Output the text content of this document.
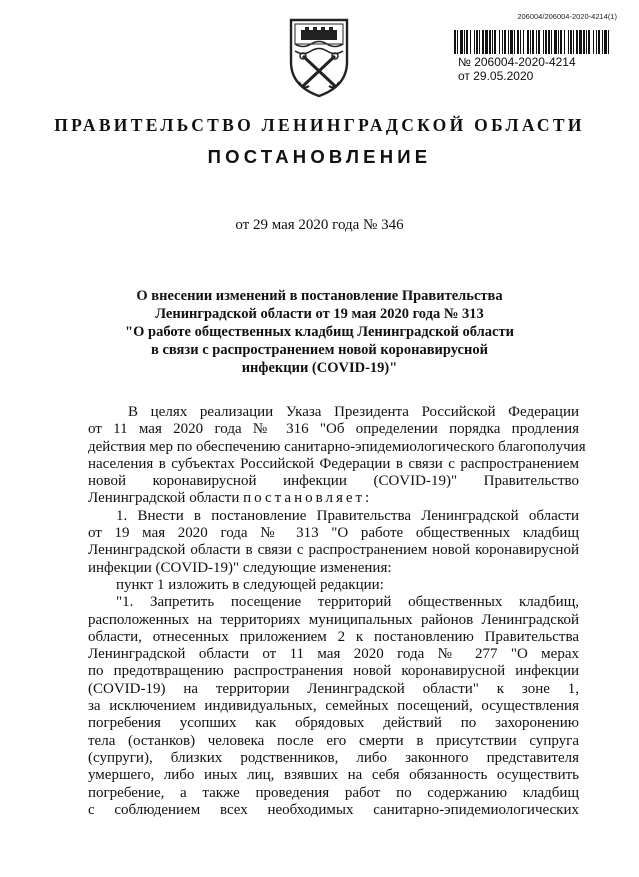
206004/206004-2020-4214(1)
№ 206004-2020-4214
от 29.05.2020
ПРАВИТЕЛЬСТВО ЛЕНИНГРАДСКОЙ ОБЛАСТИ
ПОСТАНОВЛЕНИЕ
от 29 мая 2020 года № 346
О внесении изменений в постановление Правительства
Ленинградской области от 19 мая 2020 года № 313
"О работе общественных кладбищ Ленинградской области
в связи с распространением новой коронавирусной
инфекции (COVID-19)"
В целях реализации Указа Президента Российской Федерации
от 11 мая 2020 года № 316 "Об определении порядка продления
действия мер по обеспечению санитарно-эпидемиологического благополучия
населения в субъектах Российской Федерации в связи с распространением
новой коронавирусной инфекции (COVID-19)" Правительство
Ленинградской области постановляет:
1. Внести в постановление Правительства Ленинградской области
от 19 мая 2020 года № 313 "О работе общественных кладбищ
Ленинградской области в связи с распространением новой коронавирусной
инфекции (COVID-19)" следующие изменения:
пункт 1 изложить в следующей редакции:
"1. Запретить посещение территорий общественных кладбищ,
расположенных на территориях муниципальных районов Ленинградской
области, отнесенных приложением 2 к постановлению Правительства
Ленинградской области от 11 мая 2020 года № 277 "О мерах
по предотвращению распространения новой коронавирусной инфекции
(COVID-19) на территории Ленинградской области" к зоне 1,
за исключением индивидуальных, семейных посещений, осуществления
погребения усопших как обрядовых действий по захоронению
тела (останков) человека после его смерти в присутствии супруга
(супруги), близких родственников, либо законного представителя
умершего, либо иных лиц, взявших на себя обязанность осуществить
погребение, а также проведения работ по содержанию кладбищ
с соблюдением всех необходимых санитарно-эпидемиологических
